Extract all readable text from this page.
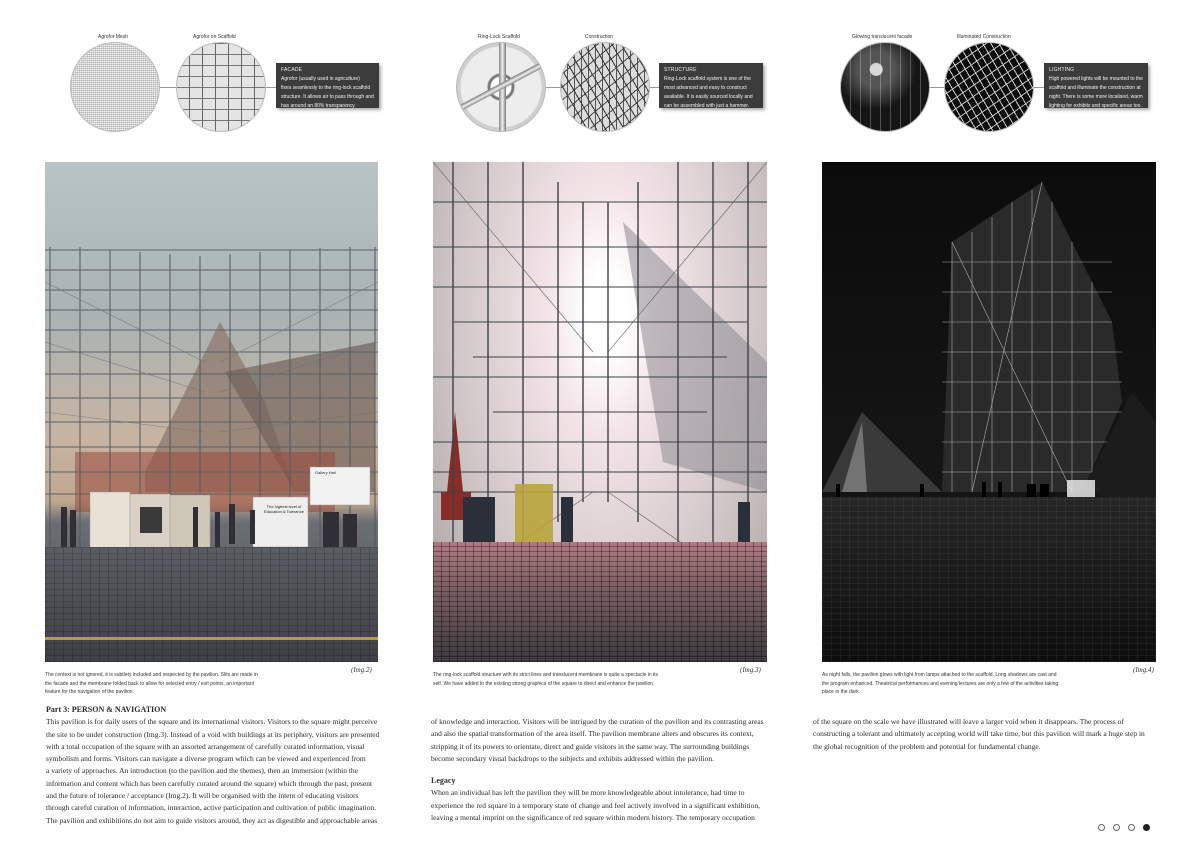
Agrofor Mesh	Agrofor on Scaffold
FACADE
Agrofor (usually used in agriculture)
fixes seamlessly to the ring-lock scaffold
structure. It allows air to pass through and
has around an 80% transparency.
Ring-Lock Scaffold	Construction
STRUCTURE
Ring-Lock scaffold system is one of the
most advanced and easy to construct
available. It is easily sourced locally and
can be assembled with just a hammer.
Glowing translucent facade	Illuminated Construction
LIGHTING
High powered lights will be mounted to the
scaffold and illuminate the construction at
night. There is some more localised, warm
lighting for exhibits and specific areas too.
The highest level of Education & Tolerance
Gallery Hall
The context is not ignored, it is subtlety included and respected by the pavilion. Slits are made in
the facade and the membrane folded back to allow for selected entry / exit points, an important
feature for the navigation of the pavilion.
(Img.2)
The ring-lock scaffold structure with its strict lines and translucent membrane is quite a spectacle in its
self. We have added to the existing strong graphics of the square to direct and enhance the pavilion.
(Img.3)
As night falls, the pavilion glows with light from lamps attached to the scaffold. Long shadows are cast and
the program enhanced. Theatrical performances and evening lectures are only a few of the activities taking
place in the dark.
(Img.4)
Part 3: PERSON & NAVIGATION

This pavilion is for daily users of the square and its international visitors. Visitors to the square might perceive

the site to be under construction (Img.3). Instead of a void with buildings at its periphery, visitors are presented

with a total occupation of the square with an assorted arrangement of carefully curated information, visual

symbolism and forms. Visitors can navigate a diverse program which can be viewed and experienced from

a variety of approaches. An introduction (to the pavilion and the themes), then an immersion (within the

information and content which has been carefully curated around the square) which through the past, present

and the future of tolerance / acceptance (Img.2). It will be organised with the intent of educating visitors

through careful curation of information, interaction, active participation and cultivation of public imagination.

The pavilion and exhibitions do not aim to guide visitors around, they act as digestible and approachable areas

of knowledge and interaction. Visitors will be intrigued by the curation of the pavilion and its contrasting areas

and also the spatial transformation of the area itself. The pavilion membrane alters and obscures its context,

stripping it of its powers to orientate, direct and guide visitors in the same way. The surrounding buildings

become secondary visual backdrops to the subjects and exhibits addressed within the pavilion.

Legacy

When an individual has left the pavilion they will be more knowledgeable about intolerance, had time to

experience the red square in a temporary state of change and feel actively involved in a significant exhibition,

leaving a mental imprint on the significance of red square within modern history. The temporary occupation

of the square on the scale we have illustrated will leave a larger void when it disappears. The process of

constructing a tolerant and ultimately accepting world will take time, but this pavilion will mark a huge step in

the global recognition of the problem and potential for fundamental change.
